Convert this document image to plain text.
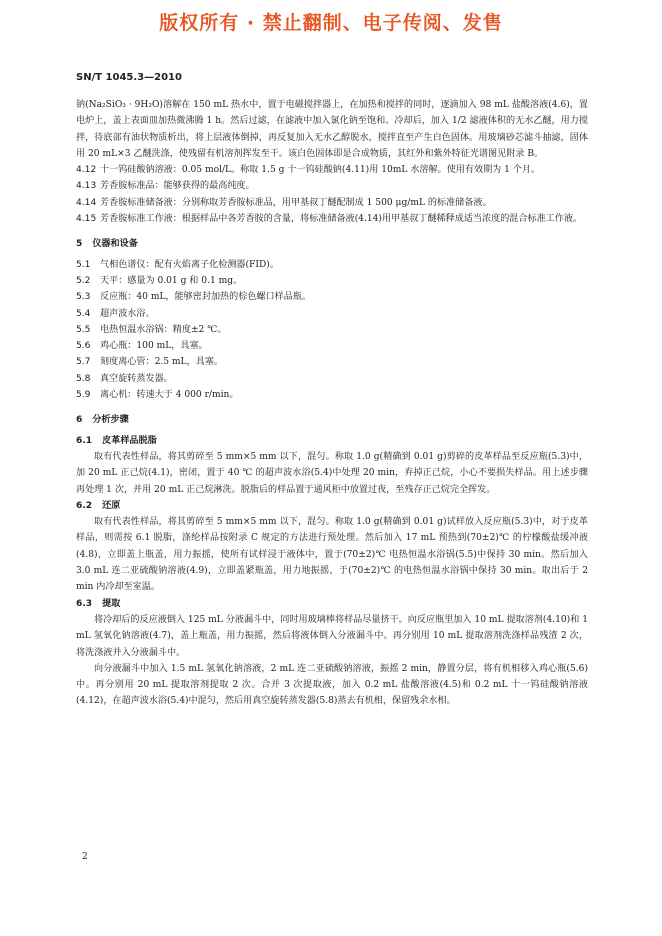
版权所有 · 禁止翻制、电子传阅、发售
SN/T 1045.3—2010

钠(Na₂SiO₃ · 9H₂O)溶解在 150 mL 热水中，置于电磁搅拌器上，在加热和搅拌的同时，逐滴加入 98 mL 盐酸溶液(4.6)，置电炉上，盖上表面皿加热微沸腾 1 h。然后过滤，在滤液中加入氯化钠至饱和。冷却后，加入 1/2 滤液体积的无水乙醚，用力搅拌，待底部有油状物质析出，将上层液体倒掉，再反复加入无水乙醇脱水，搅拌直至产生白色固体。用玻璃砂芯滤斗抽滤，固体用 20 mL×3 乙醚洗涤，使残留有机溶剂挥发至干。该白色固体即是合成物质，其红外和紫外特征光谱图见附录 B。

4.12 十一钨硅酸钠溶液：0.05 mol/L。称取 1.5 g 十一钨硅酸钠(4.11)用 10mL 水溶解。使用有效期为 1 个月。
4.13 芳香胺标准品：能够获得的最高纯度。
4.14 芳香胺标准储备液：分别称取芳香胺标准品，用甲基叔丁醚配制成 1 500 μg/mL 的标准储备液。
4.15 芳香胺标准工作液：根据样品中各芳香胺的含量，将标准储备液(4.14)用甲基叔丁醚稀释成适当浓度的混合标准工作液。
5 仪器和设备
5.1	气相色谱仪：配有火焰离子化检测器(FID)。
5.2	天平：感量为 0.01 g 和 0.1 mg。
5.3	反应瓶：40 mL，能够密封加热的棕色螺口样品瓶。
5.4	超声波水浴。
5.5	电热恒温水浴锅：精度±2 ℃。
5.6	鸡心瓶：100 mL，具塞。
5.7	刻度离心管：2.5 mL，具塞。
5.8	真空旋转蒸发器。
5.9	离心机：转速大于 4 000 r/min。
6 分析步骤
6.1 皮革样品脱脂

取有代表性样品，将其剪碎至 5 mm×5 mm 以下，混匀。称取 1.0 g(精确到 0.01 g)剪碎的皮革样品至反应瓶(5.3)中，加 20 mL 正己烷(4.1)，密闭，置于 40 ℃ 的超声波水浴(5.4)中处理 20 min，弃掉正己烷，小心不要损失样品。用上述步骤再处理 1 次，并用 20 mL 正己烷淋洗。脱脂后的样品置于通风柜中放置过夜，至残存正己烷完全挥发。

6.2 还原

取有代表性样品，将其剪碎至 5 mm×5 mm 以下，混匀。称取 1.0 g(精确到 0.01 g)试样放入反应瓶(5.3)中，对于皮革样品，则需按 6.1 脱脂，涤纶样品按附录 C 规定的方法进行预处理。然后加入 17 mL 预热到(70±2)℃ 的柠檬酸盐缓冲液(4.8)，立即盖上瓶盖，用力振摇，使所有试样浸于液体中，置于(70±2)℃ 电热恒温水浴锅(5.5)中保持 30 min。然后加入 3.0 mL 连二亚硫酸钠溶液(4.9)，立即盖紧瓶盖，用力地振摇，于(70±2)℃ 的电热恒温水浴锅中保持 30 min。取出后于 2 min 内冷却至室温。

6.3 提取

将冷却后的反应液倒入 125 mL 分液漏斗中，同时用玻璃棒将样品尽量挤干。向反应瓶里加入 10 mL 提取溶剂(4.10)和 1 mL 氢氧化钠溶液(4.7)，盖上瓶盖，用力振摇，然后将液体倒入分液漏斗中。再分别用 10 mL 提取溶剂洗涤样品残渣 2 次，将洗涤液并入分液漏斗中。

向分液漏斗中加入 1.5 mL 氢氧化钠溶液，2 mL 连二亚硫酸钠溶液，振摇 2 min，静置分层，将有机相移入鸡心瓶(5.6)中。再分别用 20 mL 提取溶剂提取 2 次。合并 3 次提取液，加入 0.2 mL 盐酸溶液(4.5)和 0.2 mL 十一钨硅酸钠溶液(4.12)，在超声波水浴(5.4)中混匀，然后用真空旋转蒸发器(5.8)蒸去有机相，保留残余水相。

2
